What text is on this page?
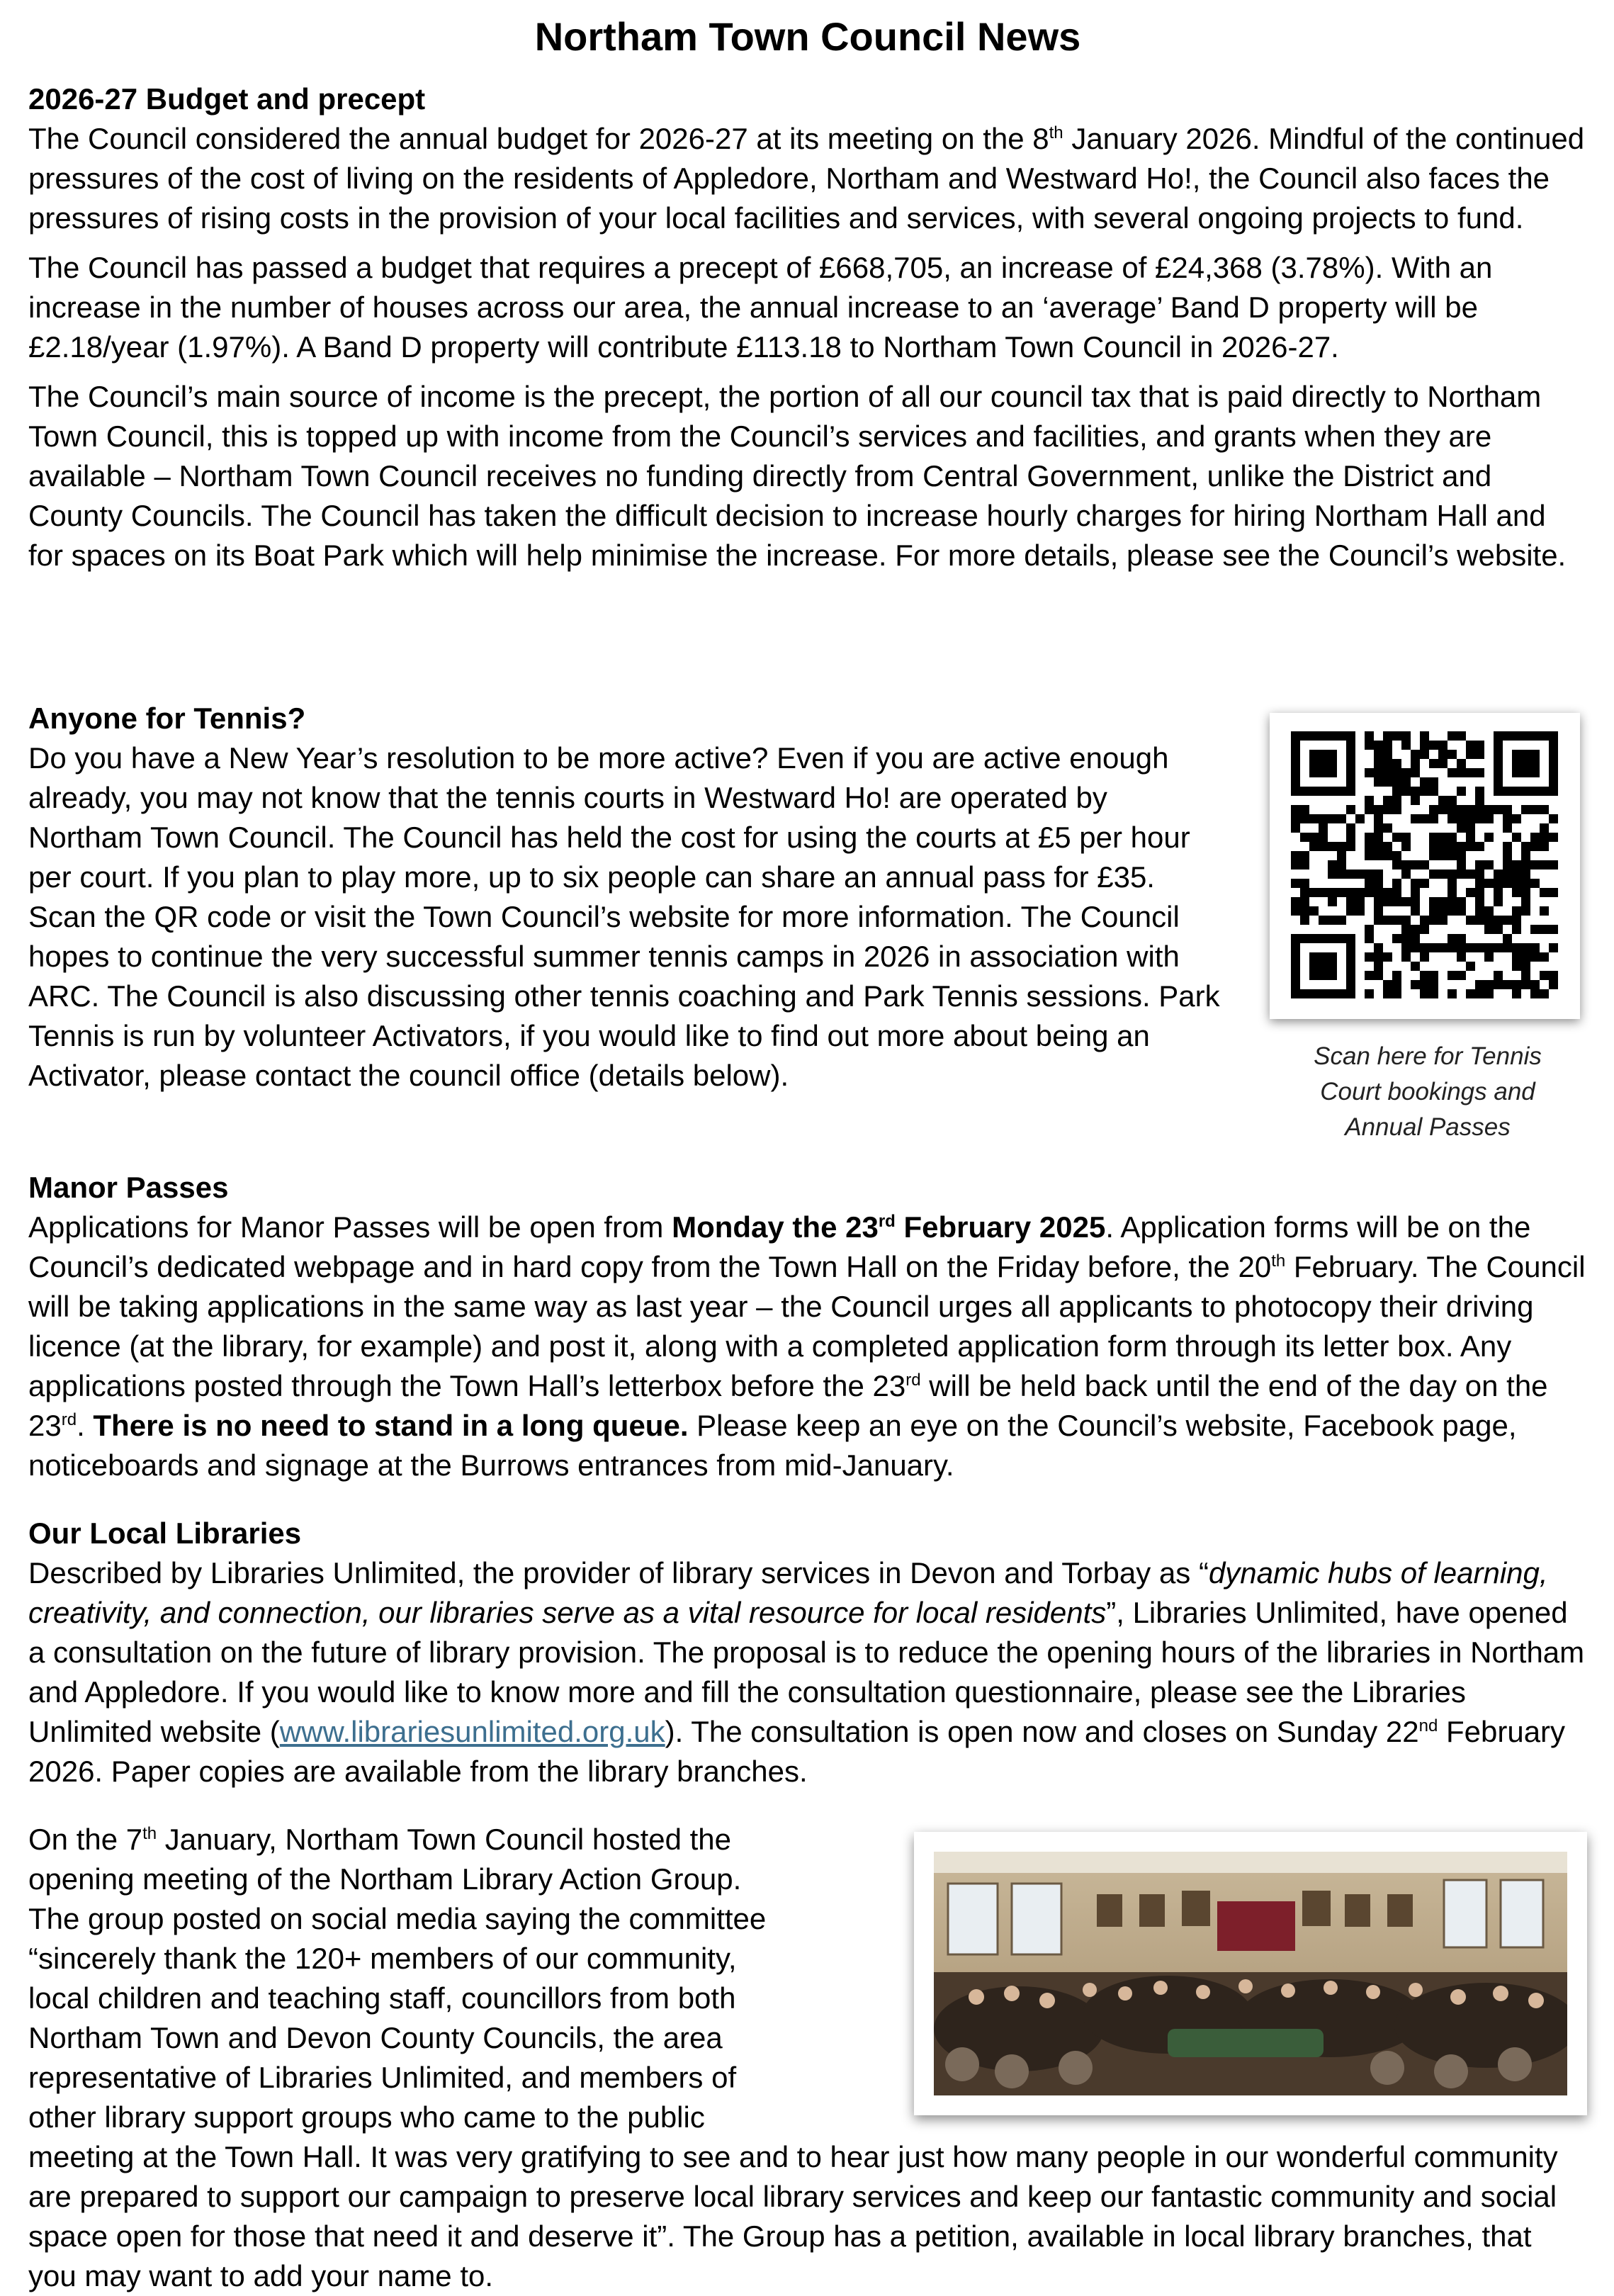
Northam Town Council News

2026-27 Budget and precept

The Council considered the annual budget for 2026-27 at its meeting on the 8th January 2026. Mindful of the continued pressures of the cost of living on the residents of Appledore, Northam and Westward Ho!, the Council also faces the pressures of rising costs in the provision of your local facilities and services, with several ongoing projects to fund.

The Council has passed a budget that requires a precept of £668,705, an increase of £24,368 (3.78%). With an increase in the number of houses across our area, the annual increase to an ‘average’ Band D property will be £2.18/year (1.97%). A Band D property will contribute £113.18 to Northam Town Council in 2026-27.

The Council’s main source of income is the precept, the portion of all our council tax that is paid directly to Northam Town Council, this is topped up with income from the Council’s services and facilities, and grants when they are available – Northam Town Council receives no funding directly from Central Government, unlike the District and County Councils. The Council has taken the difficult decision to increase hourly charges for hiring Northam Hall and for spaces on its Boat Park which will help minimise the increase. For more details, please see the Council’s website.

Anyone for Tennis?

Do you have a New Year’s resolution to be more active? Even if you are active enough already, you may not know that the tennis courts in Westward Ho! are operated by Northam Town Council. The Council has held the cost for using the courts at £5 per hour per court. If you plan to play more, up to six people can share an annual pass for £35. Scan the QR code or visit the Town Council’s website for more information. The Council hopes to continue the very successful summer tennis camps in 2026 in association with ARC. The Council is also discussing other tennis coaching and Park Tennis sessions. Park Tennis is run by volunteer Activators, if you would like to find out more about being an Activator, please contact the council office (details below).

Scan here for Tennis
Court bookings and
Annual Passes

Manor Passes

Applications for Manor Passes will be open from Monday the 23rd February 2025. Application forms will be on the Council’s dedicated webpage and in hard copy from the Town Hall on the Friday before, the 20th February. The Council will be taking applications in the same way as last year – the Council urges all applicants to photocopy their driving licence (at the library, for example) and post it, along with a completed application form through its letter box. Any applications posted through the Town Hall’s letterbox before the 23rd will be held back until the end of the day on the 23rd. There is no need to stand in a long queue. Please keep an eye on the Council’s website, Facebook page, noticeboards and signage at the Burrows entrances from mid-January.

Our Local Libraries

Described by Libraries Unlimited, the provider of library services in Devon and Torbay as “dynamic hubs of learning, creativity, and connection, our libraries serve as a vital resource for local residents”, Libraries Unlimited, have opened a consultation on the future of library provision. The proposal is to reduce the opening hours of the libraries in Northam and Appledore. If you would like to know more and fill the consultation questionnaire, please see the Libraries Unlimited website (www.librariesunlimited.org.uk). The consultation is open now and closes on Sunday 22nd February 2026. Paper copies are available from the library branches.

On the 7th January, Northam Town Council hosted the

opening meeting of the Northam Library Action Group.

The group posted on social media saying the committee

“sincerely thank the 120+ members of our community,

local children and teaching staff, councillors from both

Northam Town and Devon County Councils, the area

representative of Libraries Unlimited, and members of

other library support groups who came to the public

meeting at the Town Hall. It was very gratifying to see and to hear just how many people in our wonderful community are prepared to support our campaign to preserve local library services and keep our fantastic community and social space open for those that need it and deserve it”. The Group has a petition, available in local library branches, that you may want to add your name to.
